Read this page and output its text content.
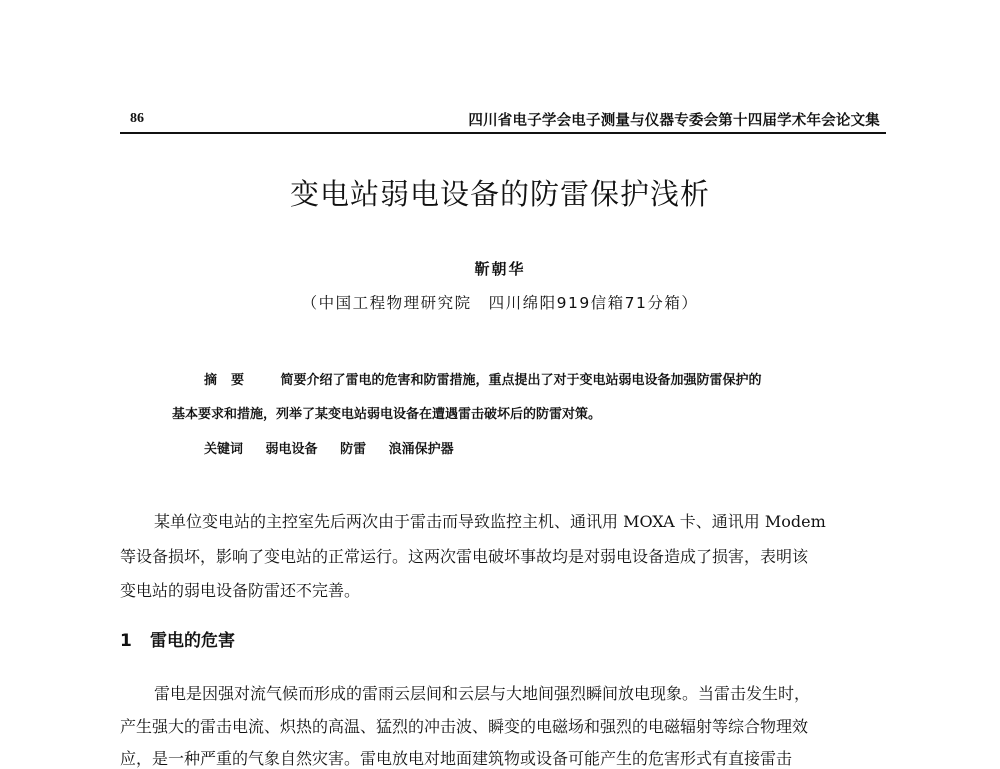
86	四川省电子学会电子测量与仪器专委会第十四届学术年会论文集
变电站弱电设备的防雷保护浅析
靳朝华
（中国工程物理研究院　四川绵阳919信箱71分箱）
摘要 简要介绍了雷电的危害和防雷措施，重点提出了对于变电站弱电设备加强防雷保护的
基本要求和措施，列举了某变电站弱电设备在遭遇雷击破坏后的防雷对策。
关键词 弱电设备 防雷 浪涌保护器
某单位变电站的主控室先后两次由于雷击而导致监控主机、通讯用 MOXA 卡、通讯用 Modem
等设备损坏，影响了变电站的正常运行。这两次雷电破坏事故均是对弱电设备造成了损害，表明该
变电站的弱电设备防雷还不完善。
1 雷电的危害
雷电是因强对流气候而形成的雷雨云层间和云层与大地间强烈瞬间放电现象。当雷击发生时，
产生强大的雷击电流、炽热的高温、猛烈的冲击波、瞬变的电磁场和强烈的电磁辐射等综合物理效
应，是一种严重的气象自然灾害。雷电放电对地面建筑物或设备可能产生的危害形式有直接雷击
